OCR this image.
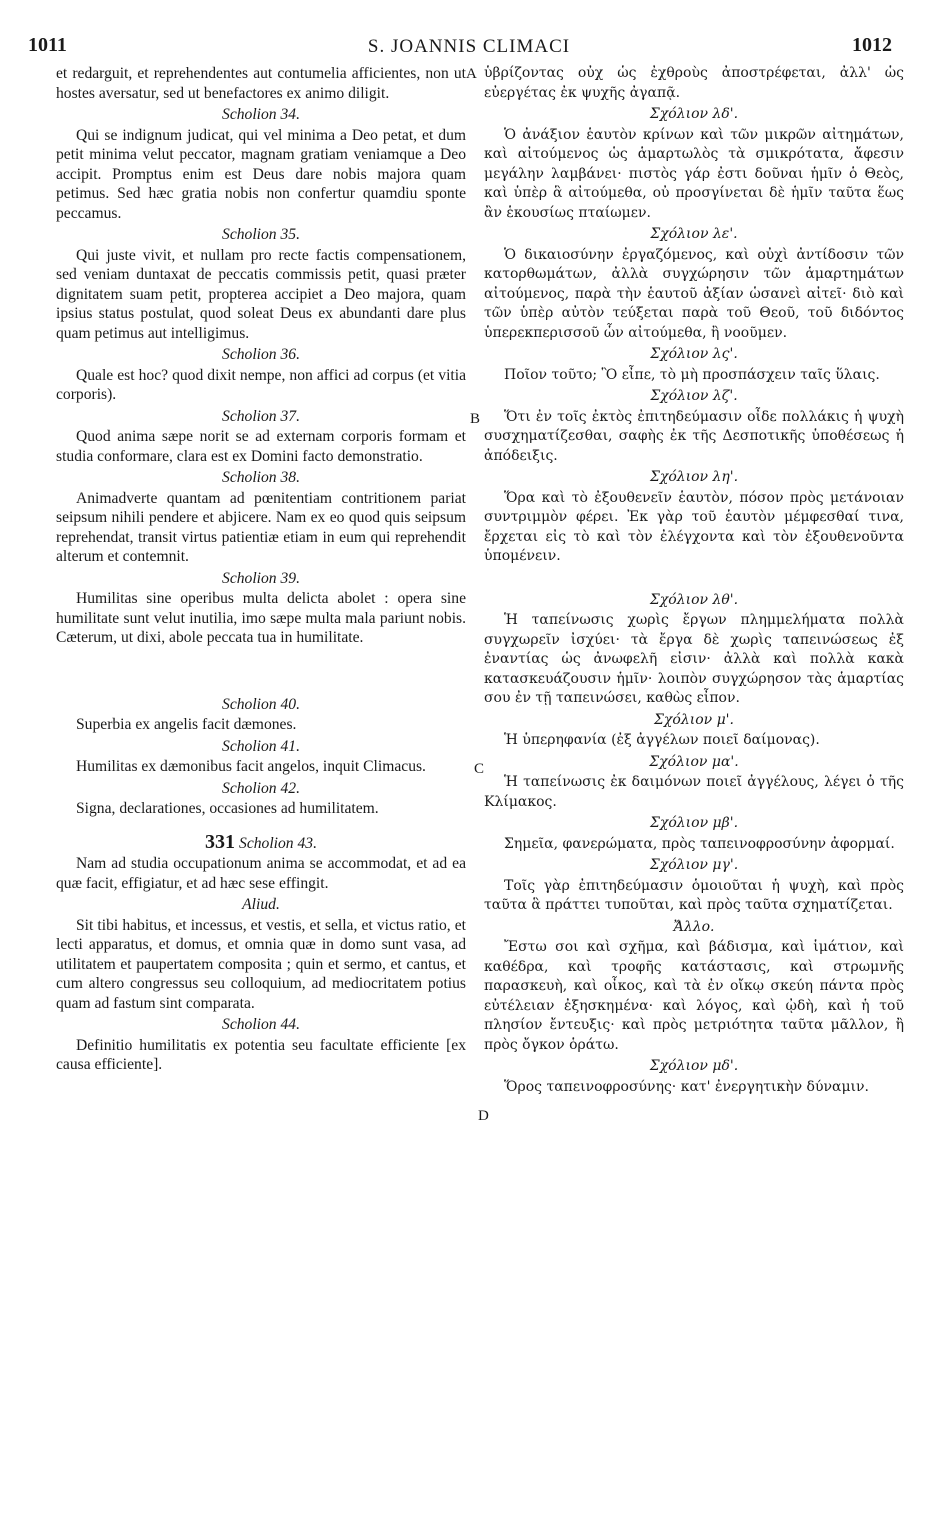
1011	S. JOANNIS CLIMACI	1012
A
B
C
D

et redarguit, et reprehendentes aut contumelia afficientes, non ut hostes aversatur, sed ut benefactores ex animo diligit.

Scholion 34.

Qui se indignum judicat, qui vel minima a Deo petat, et dum petit minima velut peccator, magnam gratiam veniamque a Deo accipit. Promptus enim est Deus dare nobis majora quam petimus. Sed hæc gratia nobis non confertur quamdiu sponte peccamus.

Scholion 35.

Qui juste vivit, et nullam pro recte factis compensationem, sed veniam duntaxat de peccatis commissis petit, quasi præter dignitatem suam petit, propterea accipiet a Deo majora, quam ipsius status postulat, quod soleat Deus ex abundanti dare plus quam petimus aut intelligimus.

Scholion 36.

Quale est hoc? quod dixit nempe, non affici ad corpus (et vitia corporis).

Scholion 37.

Quod anima sæpe norit se ad externam corporis formam et studia conformare, clara est ex Domini facto demonstratio.

Scholion 38.

Animadverte quantam ad pœnitentiam contritionem pariat seipsum nihili pendere et abjicere. Nam ex eo quod quis seipsum reprehendat, transit virtus patientiæ etiam in eum qui reprehendit alterum et contemnit.

Scholion 39.

Humilitas sine operibus multa delicta abolet : opera sine humilitate sunt velut inutilia, imo sæpe multa mala pariunt nobis. Cæterum, ut dixi, abole peccata tua in humilitate.

Scholion 40.

Superbia ex angelis facit dæmones.

Scholion 41.

Humilitas ex dæmonibus facit angelos, inquit Climacus.

Scholion 42.

Signa, declarationes, occasiones ad humilitatem.

331 Scholion 43.

Nam ad studia occupationum anima se accommodat, et ad ea quæ facit, effigiatur, et ad hæc sese effingit.

Aliud.

Sit tibi habitus, et incessus, et vestis, et sella, et victus ratio, et lecti apparatus, et domus, et omnia quæ in domo sunt vasa, ad utilitatem et paupertatem composita ; quin et sermo, et cantus, et cum altero congressus seu colloquium, ad mediocritatem potius quam ad fastum sint comparata.

Scholion 44.

Definitio humilitatis ex potentia seu facultate efficiente [ex causa efficiente].

ὑβρίζοντας οὐχ ὡς ἐχθροὺς ἀποστρέφεται, ἀλλ' ὡς εὐεργέτας ἐκ ψυχῆς ἀγαπᾷ.

Σχόλιον λδ'.

Ὁ ἀνάξιον ἑαυτὸν κρίνων καὶ τῶν μικρῶν αἰτημάτων, καὶ αἰτούμενος ὡς ἁμαρτωλὸς τὰ σμικρότατα, ἄφεσιν μεγάλην λαμβάνει· πιστὸς γάρ ἐστι δοῦναι ἡμῖν ὁ Θεὸς, καὶ ὑπὲρ ἃ αἰτούμεθα, οὐ προσγίνεται δὲ ἡμῖν ταῦτα ἕως ἂν ἑκουσίως πταίωμεν.

Σχόλιον λε'.

Ὁ δικαιοσύνην ἐργαζόμενος, καὶ οὐχὶ ἀντίδοσιν τῶν κατορθωμάτων, ἀλλὰ συγχώρησιν τῶν ἁμαρτημάτων αἰτούμενος, παρὰ τὴν ἑαυτοῦ ἀξίαν ὡσανεὶ αἰτεῖ· διὸ καὶ τῶν ὑπὲρ αὐτὸν τεύξεται παρὰ τοῦ Θεοῦ, τοῦ διδόντος ὑπερεκπερισσοῦ ὧν αἰτούμεθα, ἢ νοοῦμεν.

Σχόλιον λς'.

Ποῖον τοῦτο; Ὃ εἶπε, τὸ μὴ προσπάσχειν ταῖς ὕλαις.

Σχόλιον λζ'.

Ὅτι ἐν τοῖς ἐκτὸς ἐπιτηδεύμασιν οἶδε πολλάκις ἡ ψυχὴ συσχηματίζεσθαι, σαφὴς ἐκ τῆς Δεσποτικῆς ὑποθέσεως ἡ ἀπόδειξις.

Σχόλιον λη'.

Ὅρα καὶ τὸ ἐξουθενεῖν ἑαυτὸν, πόσον πρὸς μετάνοιαν συντριμμὸν φέρει. Ἐκ γὰρ τοῦ ἑαυτὸν μέμφεσθαί τινα, ἔρχεται εἰς τὸ καὶ τὸν ἐλέγχοντα καὶ τὸν ἐξουθενοῦντα ὑπομένειν.

Σχόλιον λθ'.

Ἡ ταπείνωσις χωρὶς ἔργων πλημμελήματα πολλὰ συγχωρεῖν ἰσχύει· τὰ ἔργα δὲ χωρὶς ταπεινώσεως ἐξ ἐναντίας ὡς ἀνωφελῆ εἰσιν· ἀλλὰ καὶ πολλὰ κακὰ κατασκευάζουσιν ἡμῖν· λοιπὸν συγχώρησον τὰς ἁμαρτίας σου ἐν τῇ ταπεινώσει, καθὼς εἶπον.

Σχόλιον μ'.

Ἡ ὑπερηφανία (ἐξ ἀγγέλων ποιεῖ δαίμονας).

Σχόλιον μα'.

Ἡ ταπείνωσις ἐκ δαιμόνων ποιεῖ ἀγγέλους, λέγει ὁ τῆς Κλίμακος.

Σχόλιον μβ'.

Σημεῖα, φανερώματα, πρὸς ταπεινοφροσύνην ἀφορμαί.

Σχόλιον μγ'.

Τοῖς γὰρ ἐπιτηδεύμασιν ὁμοιοῦται ἡ ψυχὴ, καὶ πρὸς ταῦτα ἃ πράττει τυποῦται, καὶ πρὸς ταῦτα σχηματίζεται.

Ἄλλο.

Ἔστω σοι καὶ σχῆμα, καὶ βάδισμα, καὶ ἱμάτιον, καὶ καθέδρα, καὶ τροφῆς κατάστασις, καὶ στρωμνῆς παρασκευὴ, καὶ οἶκος, καὶ τὰ ἐν οἴκῳ σκεύη πάντα πρὸς εὐτέλειαν ἐξησκημένα· καὶ λόγος, καὶ ᾠδὴ, καὶ ἡ τοῦ πλησίον ἔντευξις· καὶ πρὸς μετριότητα ταῦτα μᾶλλον, ἢ πρὸς ὄγκον ὁράτω.

Σχόλιον μδ'.

Ὅρος ταπεινοφροσύνης· κατ' ἐνεργητικὴν δύναμιν.
